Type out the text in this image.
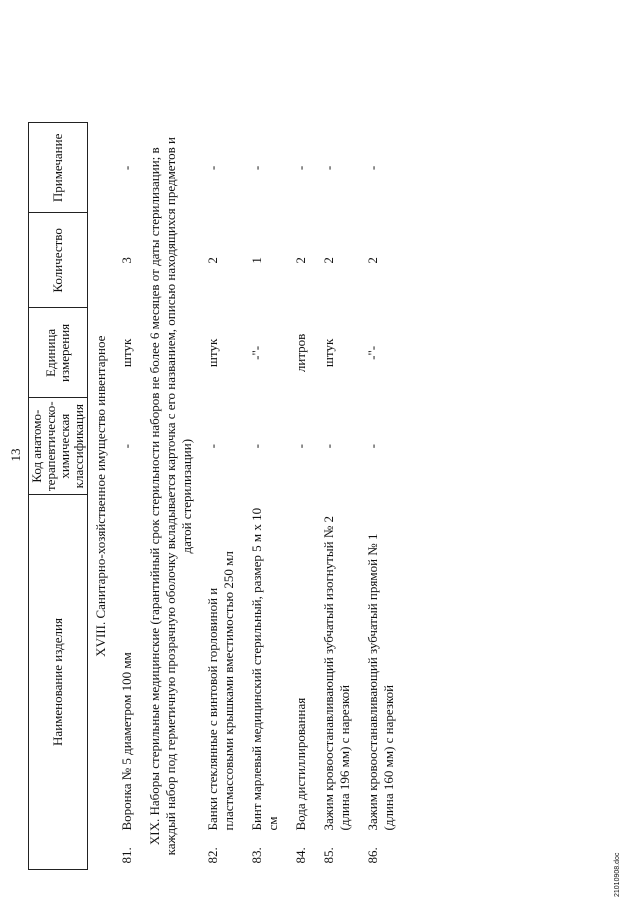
13
Наименование изделия		Код анатомо-терапевтическо-химическая классификация	Единица измерения	Количество	Примечание
XVIII. Санитарно-хозяйственное имущество инвентарное					
81.	Воронка № 5 диаметром 100 мм	-	штук	3	-
XIX. Наборы стерильные медицинские (гарантийный срок стерильности наборов не более 6 месяцев от даты стерилизации; в каждый набор под герметичную прозрачную оболочку вкладывается карточка с его названием, описью находящихся предметов и датой стерилизации)					
82.	Банки стеклянные с винтовой горловиной и пластмассовыми крышками вместимостью 250 мл	-	штук	2	-
83.	Бинт марлевый медицинский стерильный, размер 5 м х 10 см	-	-"-	1	-
84.	Вода дистиллированная	-	литров	2	-
85.	Зажим кровоостанавливающий зубчатый изогнутый № 2 (длина 196 мм) с нарезкой	-	штук	2	-
86.	Зажим кровоостанавливающий зубчатый прямой № 1 (длина 160 мм) с нарезкой	-	-"-	2	-
21010908.doc
